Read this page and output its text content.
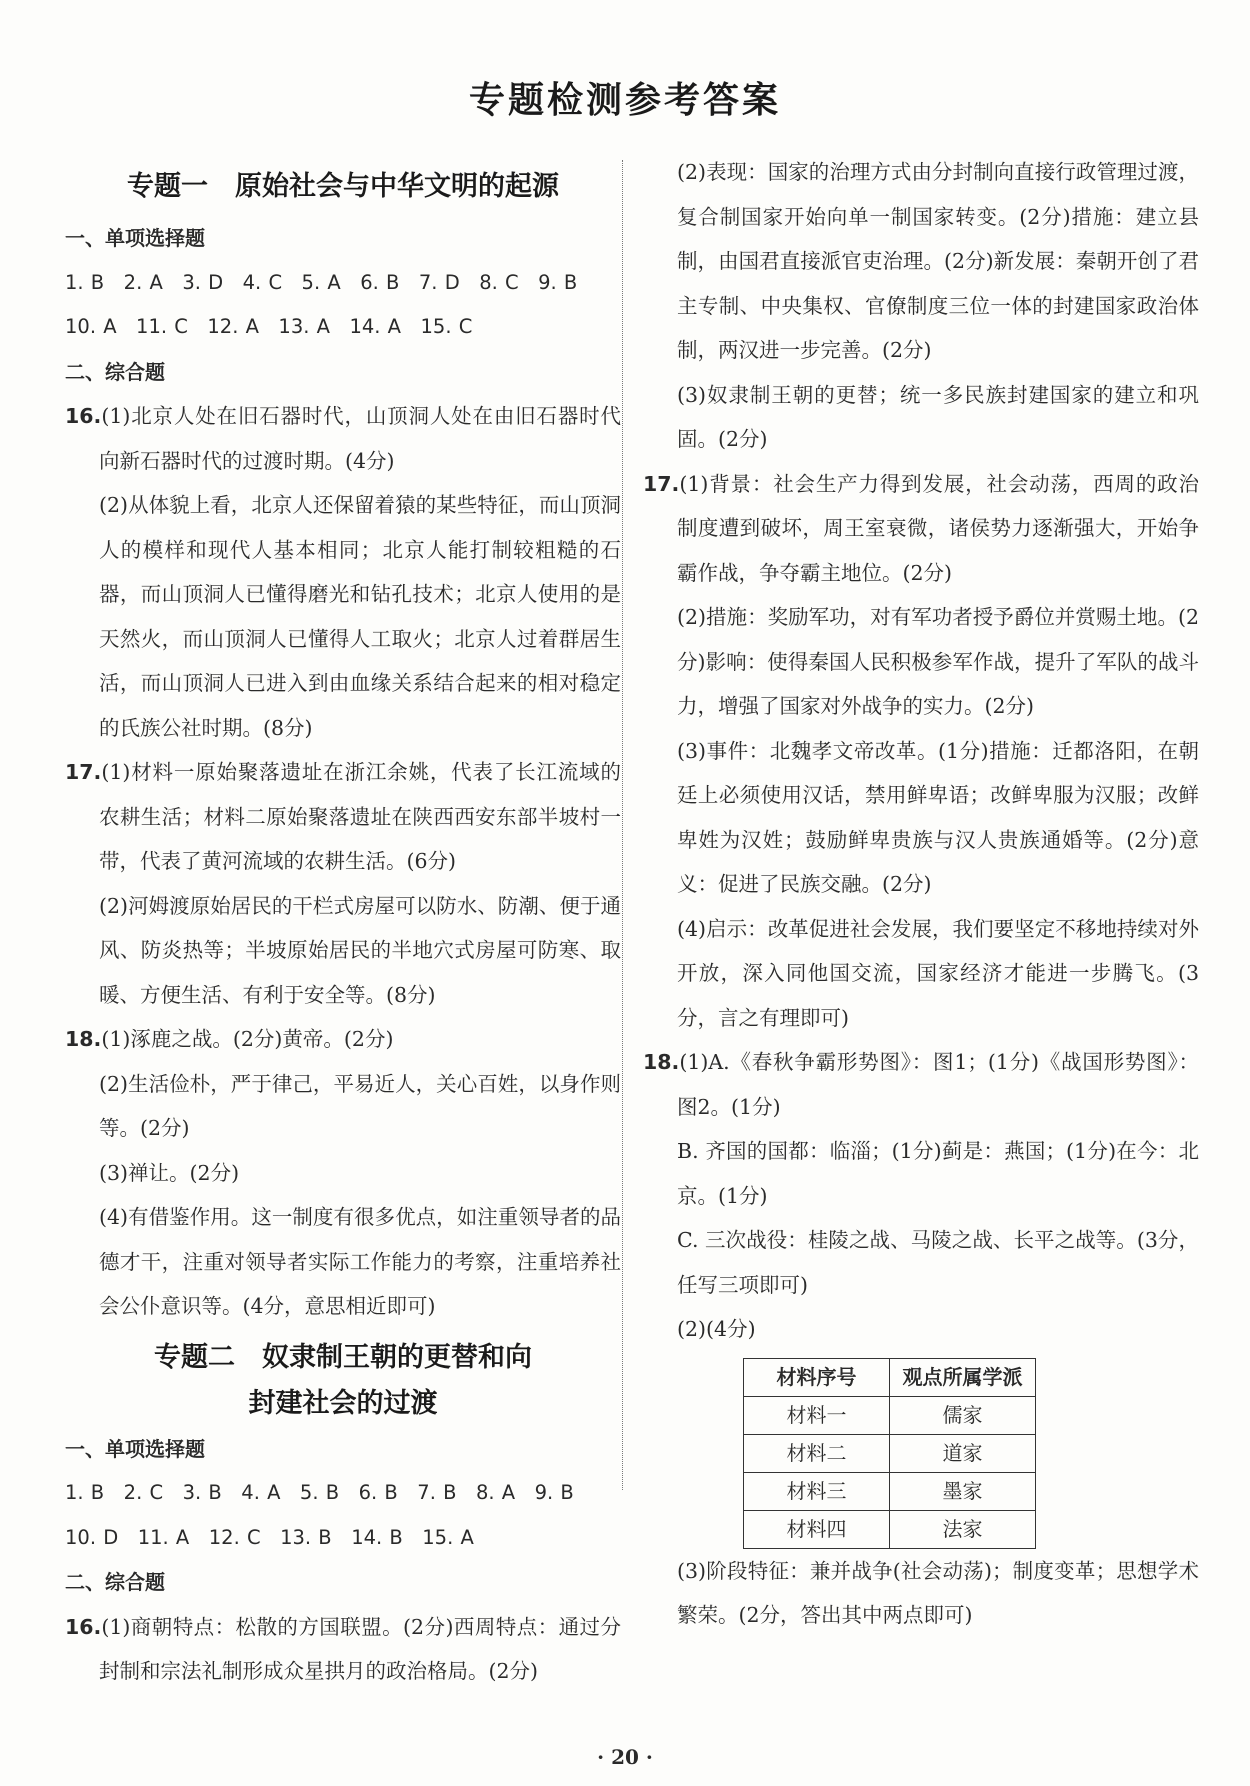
专题检测参考答案
专题一　原始社会与中华文明的起源

一、单项选择题

1. B　2. A　3. D　4. C　5. A　6. B　7. D　8. C　9. B

10. A　11. C　12. A　13. A　14. A　15. C

二、综合题

16.(1)北京人处在旧石器时代，山顶洞人处在由旧石器时代向新石器时代的过渡时期。(4分)

(2)从体貌上看，北京人还保留着猿的某些特征，而山顶洞人的模样和现代人基本相同；北京人能打制较粗糙的石器，而山顶洞人已懂得磨光和钻孔技术；北京人使用的是天然火，而山顶洞人已懂得人工取火；北京人过着群居生活，而山顶洞人已进入到由血缘关系结合起来的相对稳定的氏族公社时期。(8分)

17.(1)材料一原始聚落遗址在浙江余姚，代表了长江流域的农耕生活；材料二原始聚落遗址在陕西西安东部半坡村一带，代表了黄河流域的农耕生活。(6分)

(2)河姆渡原始居民的干栏式房屋可以防水、防潮、便于通风、防炎热等；半坡原始居民的半地穴式房屋可防寒、取暖、方便生活、有利于安全等。(8分)

18.(1)涿鹿之战。(2分)黄帝。(2分)

(2)生活俭朴，严于律己，平易近人，关心百姓，以身作则等。(2分)

(3)禅让。(2分)

(4)有借鉴作用。这一制度有很多优点，如注重领导者的品德才干，注重对领导者实际工作能力的考察，注重培养社会公仆意识等。(4分，意思相近即可)

专题二　奴隶制王朝的更替和向
封建社会的过渡

一、单项选择题

1. B　2. C　3. B　4. A　5. B　6. B　7. B　8. A　9. B

10. D　11. A　12. C　13. B　14. B　15. A

二、综合题

16.(1)商朝特点：松散的方国联盟。(2分)西周特点：通过分封制和宗法礼制形成众星拱月的政治格局。(2分)

(2)表现：国家的治理方式由分封制向直接行政管理过渡，复合制国家开始向单一制国家转变。(2分)措施：建立县制，由国君直接派官吏治理。(2分)新发展：秦朝开创了君主专制、中央集权、官僚制度三位一体的封建国家政治体制，两汉进一步完善。(2分)

(3)奴隶制王朝的更替；统一多民族封建国家的建立和巩固。(2分)

17.(1)背景：社会生产力得到发展，社会动荡，西周的政治制度遭到破坏，周王室衰微，诸侯势力逐渐强大，开始争霸作战，争夺霸主地位。(2分)

(2)措施：奖励军功，对有军功者授予爵位并赏赐土地。(2分)影响：使得秦国人民积极参军作战，提升了军队的战斗力，增强了国家对外战争的实力。(2分)

(3)事件：北魏孝文帝改革。(1分)措施：迁都洛阳，在朝廷上必须使用汉话，禁用鲜卑语；改鲜卑服为汉服；改鲜卑姓为汉姓；鼓励鲜卑贵族与汉人贵族通婚等。(2分)意义：促进了民族交融。(2分)

(4)启示：改革促进社会发展，我们要坚定不移地持续对外开放，深入同他国交流，国家经济才能进一步腾飞。(3分，言之有理即可)

18.(1)A.《春秋争霸形势图》：图1；(1分)《战国形势图》：图2。(1分)

B. 齐国的国都：临淄；(1分)蓟是：燕国；(1分)在今：北京。(1分)

C. 三次战役：桂陵之战、马陵之战、长平之战等。(3分，任写三项即可)

(2)(4分)

材料序号	观点所属学派
材料一	儒家
材料二	道家
材料三	墨家
材料四	法家

(3)阶段特征：兼并战争(社会动荡)；制度变革；思想学术繁荣。(2分，答出其中两点即可)

· 20 ·
